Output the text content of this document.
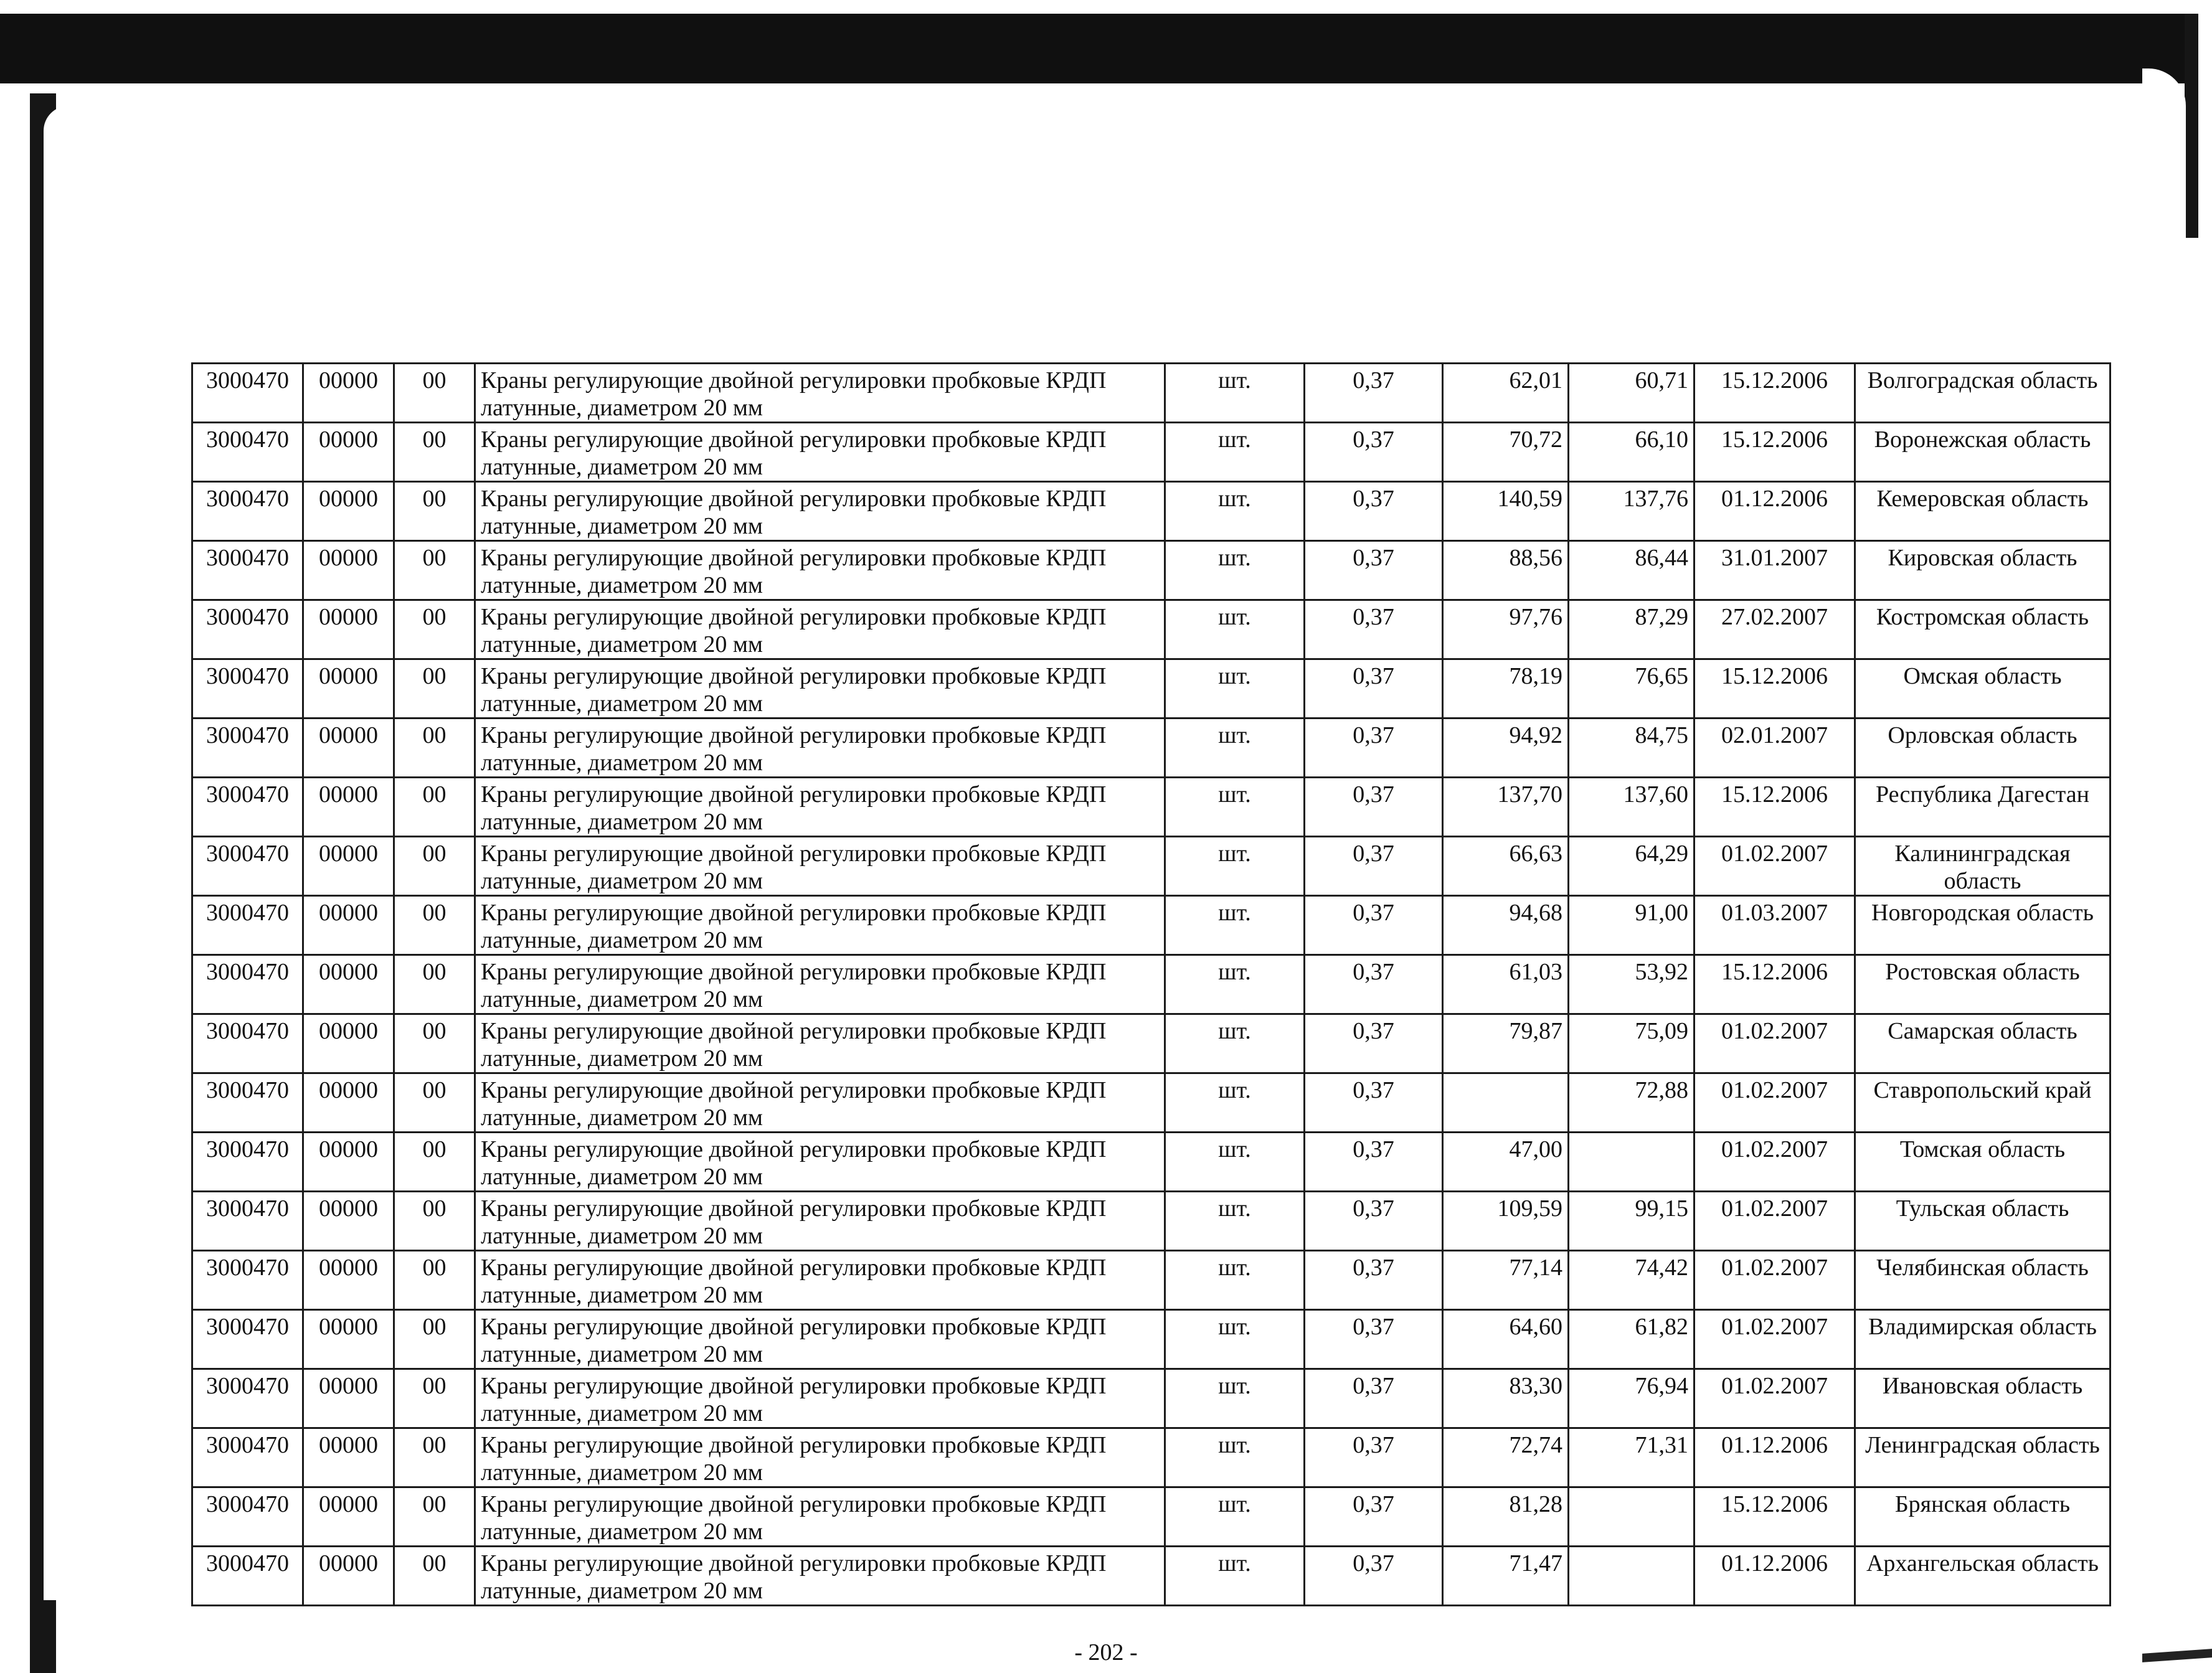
3000470	00000	00	Краны регулирующие двойной регулировки пробковые КРДП латунные, диаметром 20 мм	шт.	0,37	62,01	60,71	15.12.2006	Волгоградская область
3000470	00000	00	Краны регулирующие двойной регулировки пробковые КРДП латунные, диаметром 20 мм	шт.	0,37	70,72	66,10	15.12.2006	Воронежская область
3000470	00000	00	Краны регулирующие двойной регулировки пробковые КРДП латунные, диаметром 20 мм	шт.	0,37	140,59	137,76	01.12.2006	Кемеровская область
3000470	00000	00	Краны регулирующие двойной регулировки пробковые КРДП латунные, диаметром 20 мм	шт.	0,37	88,56	86,44	31.01.2007	Кировская область
3000470	00000	00	Краны регулирующие двойной регулировки пробковые КРДП латунные, диаметром 20 мм	шт.	0,37	97,76	87,29	27.02.2007	Костромская область
3000470	00000	00	Краны регулирующие двойной регулировки пробковые КРДП латунные, диаметром 20 мм	шт.	0,37	78,19	76,65	15.12.2006	Омская область
3000470	00000	00	Краны регулирующие двойной регулировки пробковые КРДП латунные, диаметром 20 мм	шт.	0,37	94,92	84,75	02.01.2007	Орловская область
3000470	00000	00	Краны регулирующие двойной регулировки пробковые КРДП латунные, диаметром 20 мм	шт.	0,37	137,70	137,60	15.12.2006	Республика Дагестан
3000470	00000	00	Краны регулирующие двойной регулировки пробковые КРДП латунные, диаметром 20 мм	шт.	0,37	66,63	64,29	01.02.2007	Калининградская область
3000470	00000	00	Краны регулирующие двойной регулировки пробковые КРДП латунные, диаметром 20 мм	шт.	0,37	94,68	91,00	01.03.2007	Новгородская область
3000470	00000	00	Краны регулирующие двойной регулировки пробковые КРДП латунные, диаметром 20 мм	шт.	0,37	61,03	53,92	15.12.2006	Ростовская область
3000470	00000	00	Краны регулирующие двойной регулировки пробковые КРДП латунные, диаметром 20 мм	шт.	0,37	79,87	75,09	01.02.2007	Самарская область
3000470	00000	00	Краны регулирующие двойной регулировки пробковые КРДП латунные, диаметром 20 мм	шт.	0,37		72,88	01.02.2007	Ставропольский край
3000470	00000	00	Краны регулирующие двойной регулировки пробковые КРДП латунные, диаметром 20 мм	шт.	0,37	47,00		01.02.2007	Томская область
3000470	00000	00	Краны регулирующие двойной регулировки пробковые КРДП латунные, диаметром 20 мм	шт.	0,37	109,59	99,15	01.02.2007	Тульская область
3000470	00000	00	Краны регулирующие двойной регулировки пробковые КРДП латунные, диаметром 20 мм	шт.	0,37	77,14	74,42	01.02.2007	Челябинская область
3000470	00000	00	Краны регулирующие двойной регулировки пробковые КРДП латунные, диаметром 20 мм	шт.	0,37	64,60	61,82	01.02.2007	Владимирская область
3000470	00000	00	Краны регулирующие двойной регулировки пробковые КРДП латунные, диаметром 20 мм	шт.	0,37	83,30	76,94	01.02.2007	Ивановская область
3000470	00000	00	Краны регулирующие двойной регулировки пробковые КРДП латунные, диаметром 20 мм	шт.	0,37	72,74	71,31	01.12.2006	Ленинградская область
3000470	00000	00	Краны регулирующие двойной регулировки пробковые КРДП латунные, диаметром 20 мм	шт.	0,37	81,28		15.12.2006	Брянская область
3000470	00000	00	Краны регулирующие двойной регулировки пробковые КРДП латунные, диаметром 20 мм	шт.	0,37	71,47		01.12.2006	Архангельская область
- 202 -
